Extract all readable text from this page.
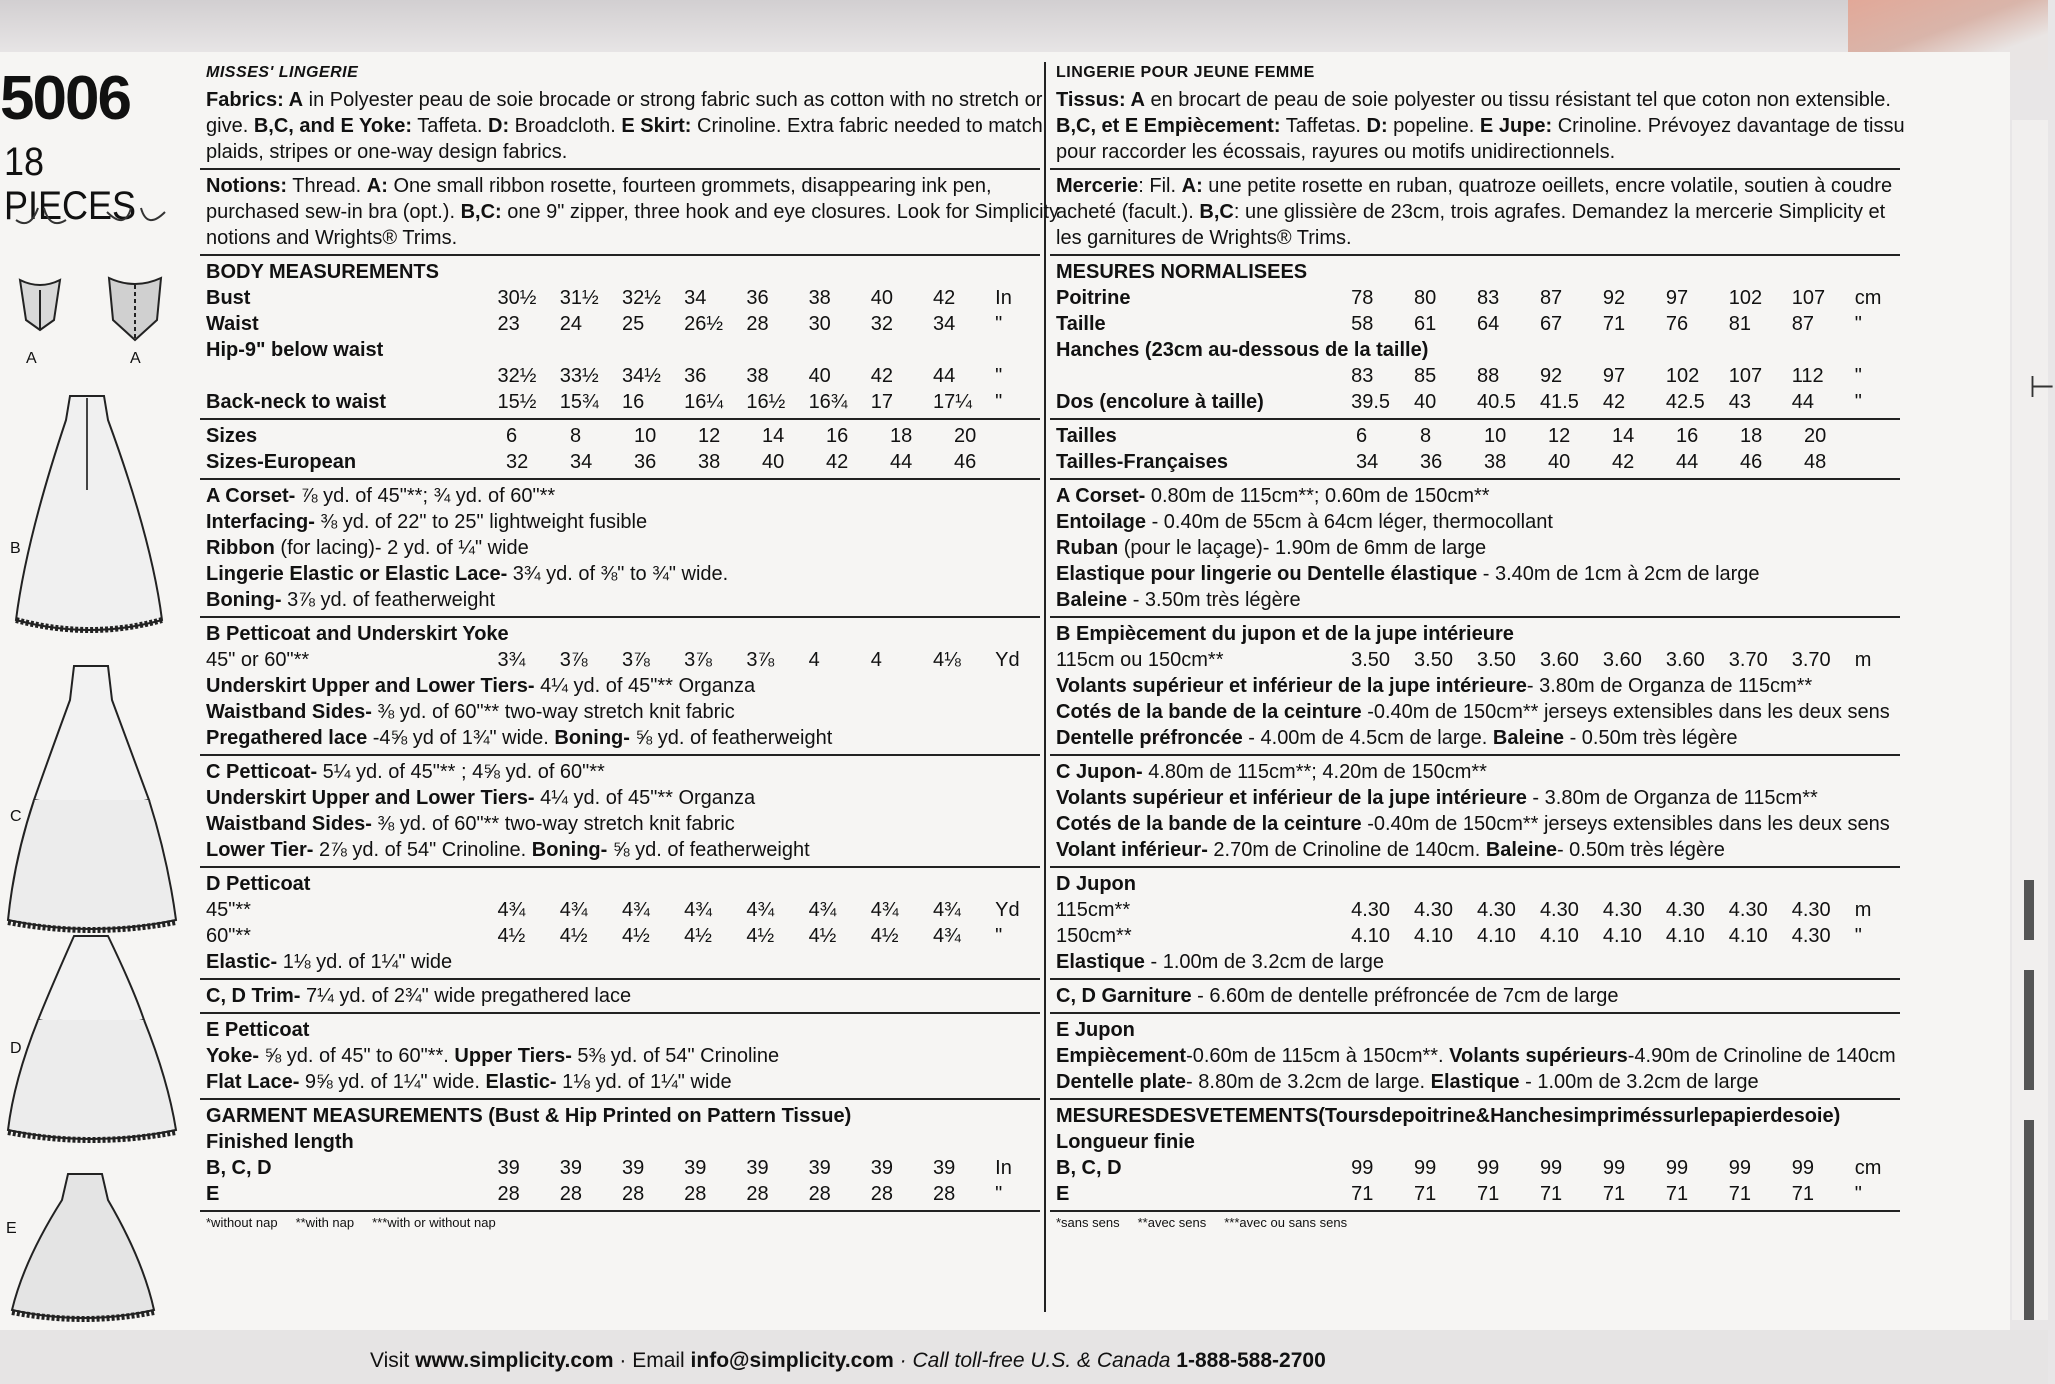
5006
18 PIECES
A	A
B
C
D
E
MISSES' LINGERIE
Fabrics: A in Polyester peau de soie brocade or strong fabric such as cotton with no stretch or
give. B,C, and E Yoke: Taffeta. D: Broadcloth. E Skirt: Crinoline. Extra fabric needed to match
plaids, stripes or one-way design fabrics.
Notions: Thread. A: One small ribbon rosette, fourteen grommets, disappearing ink pen,
purchased sew-in bra (opt.). B,C: one 9" zipper, three hook and eye closures. Look for Simplicity
notions and Wrights® Trims.
BODY MEASUREMENTS
Bust	30½	31½	32½	34	36	38	40	42	In
Waist	23	24	25	26½	28	30	32	34	"
Hip-9" below waist
32½	33½	34½	36	38	40	42	44	"
Back-neck to waist	15½	15¾	16	16¼	16½	16¾	17	17¼	"
Sizes	6	8	10	12	14	16	18	20
Sizes-European	32	34	36	38	40	42	44	46
A Corset- ⅞ yd. of 45"**; ¾ yd. of 60"**
Interfacing- ⅜ yd. of 22" to 25" lightweight fusible
Ribbon (for lacing)- 2 yd. of ¼" wide
Lingerie Elastic or Elastic Lace- 3¾ yd. of ⅜" to ¾" wide.
Boning- 3⅞ yd. of featherweight
B Petticoat and Underskirt Yoke
45" or 60"**	3¾	3⅞	3⅞	3⅞	3⅞	4	4	4⅛	Yd
Underskirt Upper and Lower Tiers- 4¼ yd. of 45"** Organza
Waistband Sides- ⅜ yd. of 60"** two-way stretch knit fabric
Pregathered lace -4⅝ yd of 1¾" wide. Boning- ⅝ yd. of featherweight
C Petticoat- 5¼ yd. of 45"** ; 4⅝ yd. of 60"**
Underskirt Upper and Lower Tiers- 4¼ yd. of 45"** Organza
Waistband Sides- ⅜ yd. of 60"** two-way stretch knit fabric
Lower Tier- 2⅞ yd. of 54" Crinoline. Boning- ⅝ yd. of featherweight
D Petticoat
45"**	4¾	4¾	4¾	4¾	4¾	4¾	4¾	4¾	Yd
60"**	4½	4½	4½	4½	4½	4½	4½	4¾	"
Elastic- 1⅛ yd. of 1¼" wide
C, D Trim- 7¼ yd. of 2¾" wide pregathered lace
E Petticoat
Yoke- ⅝ yd. of 45" to 60"**. Upper Tiers- 5⅜ yd. of 54" Crinoline
Flat Lace- 9⅝ yd. of 1¼" wide. Elastic- 1⅛ yd. of 1¼" wide
GARMENT MEASUREMENTS (Bust & Hip Printed on Pattern Tissue)
Finished length
B, C, D	39	39	39	39	39	39	39	39	In
E	28	28	28	28	28	28	28	28	"
*without nap **with nap ***with or without nap
LINGERIE POUR JEUNE FEMME
Tissus: A en brocart de peau de soie polyester ou tissu résistant tel que coton non extensible.
B,C, et E Empiècement: Taffetas. D: popeline. E Jupe: Crinoline. Prévoyez davantage de tissu
pour raccorder les écossais, rayures ou motifs unidirectionnels.
Mercerie: Fil. A: une petite rosette en ruban, quatroze oeillets, encre volatile, soutien à coudre
acheté (facult.). B,C: une glissière de 23cm, trois agrafes. Demandez la mercerie Simplicity et
les garnitures de Wrights® Trims.
MESURES NORMALISEES
Poitrine	78	80	83	87	92	97	102	107	cm
Taille	58	61	64	67	71	76	81	87	"
Hanches (23cm au-dessous de la taille)
83	85	88	92	97	102	107	112	"
Dos (encolure à taille)	39.5	40	40.5	41.5	42	42.5	43	44	"
Tailles	6	8	10	12	14	16	18	20
Tailles-Françaises	34	36	38	40	42	44	46	48
A Corset- 0.80m de 115cm**; 0.60m de 150cm**
Entoilage - 0.40m de 55cm à 64cm léger, thermocollant
Ruban (pour le laçage)- 1.90m de 6mm de large
Elastique pour lingerie ou Dentelle élastique - 3.40m de 1cm à 2cm de large
Baleine - 3.50m très légère
B Empiècement du jupon et de la jupe intérieure
115cm ou 150cm**	3.50	3.50	3.50	3.60	3.60	3.60	3.70	3.70	m
Volants supérieur et inférieur de la jupe intérieure- 3.80m de Organza de 115cm**
Cotés de la bande de la ceinture -0.40m de 150cm** jerseys extensibles dans les deux sens
Dentelle préfroncée - 4.00m de 4.5cm de large. Baleine - 0.50m très légère
C Jupon- 4.80m de 115cm**; 4.20m de 150cm**
Volants supérieur et inférieur de la jupe intérieure - 3.80m de Organza de 115cm**
Cotés de la bande de la ceinture -0.40m de 150cm** jerseys extensibles dans les deux sens
Volant inférieur- 2.70m de Crinoline de 140cm. Baleine- 0.50m très légère
D Jupon
115cm**	4.30	4.30	4.30	4.30	4.30	4.30	4.30	4.30	m
150cm**	4.10	4.10	4.10	4.10	4.10	4.10	4.10	4.30	"
Elastique - 1.00m de 3.2cm de large
C, D Garniture - 6.60m de dentelle préfroncée de 7cm de large
E Jupon
Empiècement-0.60m de 115cm à 150cm**. Volants supérieurs-4.90m de Crinoline de 140cm
Dentelle plate- 8.80m de 3.2cm de large. Elastique - 1.00m de 3.2cm de large
MESURESDESVETEMENTS(Toursdepoitrine&Hanchesimpriméssurlepapierdesoie)
Longueur finie
B, C, D	99	99	99	99	99	99	99	99	cm
E	71	71	71	71	71	71	71	71	"
*sans sens **avec sens ***avec ou sans sens
⊢
Visit www.simplicity.com · Email info@simplicity.com · Call toll-free U.S. & Canada 1-888-588-2700
